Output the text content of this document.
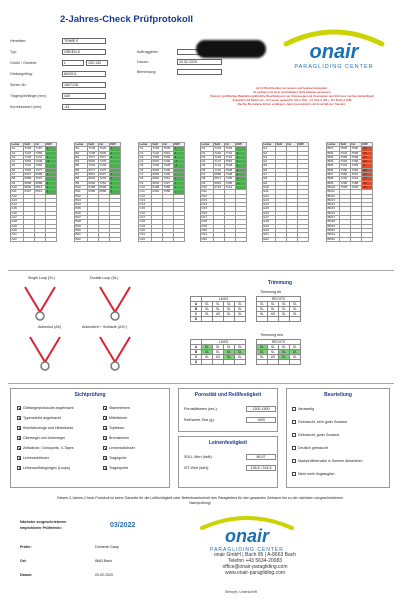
2-Jahres-Check Prüfprotokoll
Hersteller:	TRIME E
Typ:	GREEN 5
Größe / Gewicht:	L	100-130
Gleitsegelflug:	89/2011
Serien-Nr.:	1807128
Tragespiel/länge (mm):	440
Korrekturwert (mm):	-43
Auftraggeber:
Datum:	20.02.2020
Bemerkung:
onair
PARAGLIDING CENTER
A2 für Bruchfestfest vermessen und belastet bestanden;
C1 geflogen mit einer beschädigten Naht belastet gemessen;
Toleranz großflächige Blaufärbung/ähnliche Beschädigung von Unterseegel und Innenseiten des Schirmes (rechter Außenflügel)
Zusätzlich auf Mitteln A1...A7 Leinen getauscht; CN-2 (DL)...A7-SA1-2 (DL)...D7-4G/D-4 (AB)
Rechte Bremsleine 10mm verlängert, damit symmetrisch und innerhalb der Toleranz.
Leine	Soll	Ist	Diff
A1	7183	7187	4
A2	7167	7083	-
A3	7130	7244	4
A4	7053	7048	-5
A5	7110	7083	-
A6	7050	7077	-
A7	6927	6988	1
A8	6889	7007	-
A9	6868	6888	2
A10	6826	6813	0
A11	6427	6514	1
A12			
A13			
A14			
A15			
A16			
A17			
A18			
A19			
A20			
A21			
A22			
Leine	Soll	Ist	Diff
B1	7139	7626	4
B2	7108	7609	4
B3	7977	7077	2
B4	6992	7479	-
B5	7042	7103	-
B6	6977	7475	-
B7	6861	6927	4
B8	6802	7204	4
B9	6662	7254	4
B10	6458	6999	4
B11	6456	6886	4
B12			
B13			
B14			
B15			
B16			
B17			
B18			
B19			
B20			
B21			
B22			
Leine	Soll	Ist	Diff
C1	7169	7845	1
C2	7120	7819	2
C3	7093	7669	2
C4	6997	7496	-1
C5	7036	7028	-1
C6	6926	7335	-
C7	6863	7026	-
C8	6862	7061	1
C9	6803	7027	1
C10	6498	7086	1
C11	6391	7058	-
C12			
C13			
C14			
C15			
C16			
C17			
C18			
C19			
C20			
C21			
C22			
Leine	Soll	Ist	Diff
D1	7223	7633	-
D2	7291	7701	1
D3	7229	7722	1
D4	7137	7551	1
D5	7144	7548	1
D6	7116	7528	1
D7	6895	7448	1
D8	6871	7405	1
D9	6815	7396	-1
D10	6716	7213	-
D11			
D12			
D13			
D14			
D15			
D16			
D17			
D18			
D19			
D20			
D21			
D22			
Leine	Soll	Ist	Diff
E1			
E2			
E3			
E4			
E5			
E6			
E7			
E8			
E9			
E10			
E11			
E12			
E13			
E14			
E15			
E16			
E17			
E18			
E19			
E20			
E21			
E22			
Leine	Soll	Ist	Diff
BR1	7835	7606	-29
BR2	7634	7596	-38
BR3	7590	7568	-22
BR4	7394	7366	-28
BR5	7334	7329	-5
BR6	7400	7360	-40
BR7	7050	7067	-23
BR8	7230	7264	-24
BR9	7296	7188	-38
BR10	7035	7000	-35
BR11			
BR12			
BR13			
BR14			
BR15			
BR16			
BR17			
BR18			
BR19			
BR20			
BR21			
BR22			
Single Loop (SL)	Double Loop (DL)
Ankenkot (AK)	Ankerstich + Schlaufe (AS+)
Trimmung
Trimmung alt
Trimmung neu
	LINKS					RECHTS			
A	SL	SL	SL	SL		SL	SL	SL	SL
B	SL	SL	SL	SL		SL	SL	SL	SL
C	SL	AS	SL	SL		SL	AS	SL	SL
D									
	LINKS					RECHTS			
A	DL	SL	SL	SL		DL	SL	SL	SL
B	DL	SL	DL	DL		DL	SL	DL	DL
C	SL	AS	DL	SL		SL	AS	DL	SL
D									
Sichtprüfung
✕ Gleitsegelprotokolle angebracht
✕ Typenschild angebracht
✕ Kleinfahrzeuge und Hinterkante
✕ Obersegel und Untersegel
✕ Zellwände, Crossports, V-Tapes
✕ Leinenschlösser
✕ Leinenaufhängungen (Loops)
✕ Stammleinen
✕ Mittelleinen
✕ Topleinen
✕ Bremsleinen
✕ Leinenschlösser
✕ Tragegurte
✕ Tragesporte
Porosität und Reißfestigkeit
Porositätswert (sec.):	1300-1500
Reißwerte-Test (g):	>600
Leinenfestigkeit
SOLL Wert (daN):	86,57
IST Wert (daN):	138,8 / 164,5
Beurteilung
Neuwertig
Gebraucht, sehr guter Zustand
Gebraucht, guter Zustand
Deutlich gebraucht
Nachprüfintervalle in Summe Abweichen
Nicht mehr flugtauglich
Dieses 2-Jahres-Check Protokoll ist keine Garantie für die Lufttüchtigkeit oder Betriebssicherheit des Paragleiters für den gesamten Zeitraum bis zu der nächsten vorgeschriebenen Nachprüfung!
Nächster vorgeschriebener
empfohlener Prüftermin:	03/2022
Prüfer:	Domenic Gasp
Ort:	8663 Bach
Datum:	20.02.2020
onair
PARAGLIDING CENTER
onair GmbH | Bach 95 | A-8663 Bach
Telefon +43 5634-20083
office@onair-paragliding.com
www.onair-paragliding.com
Stempel, Unterschrift
